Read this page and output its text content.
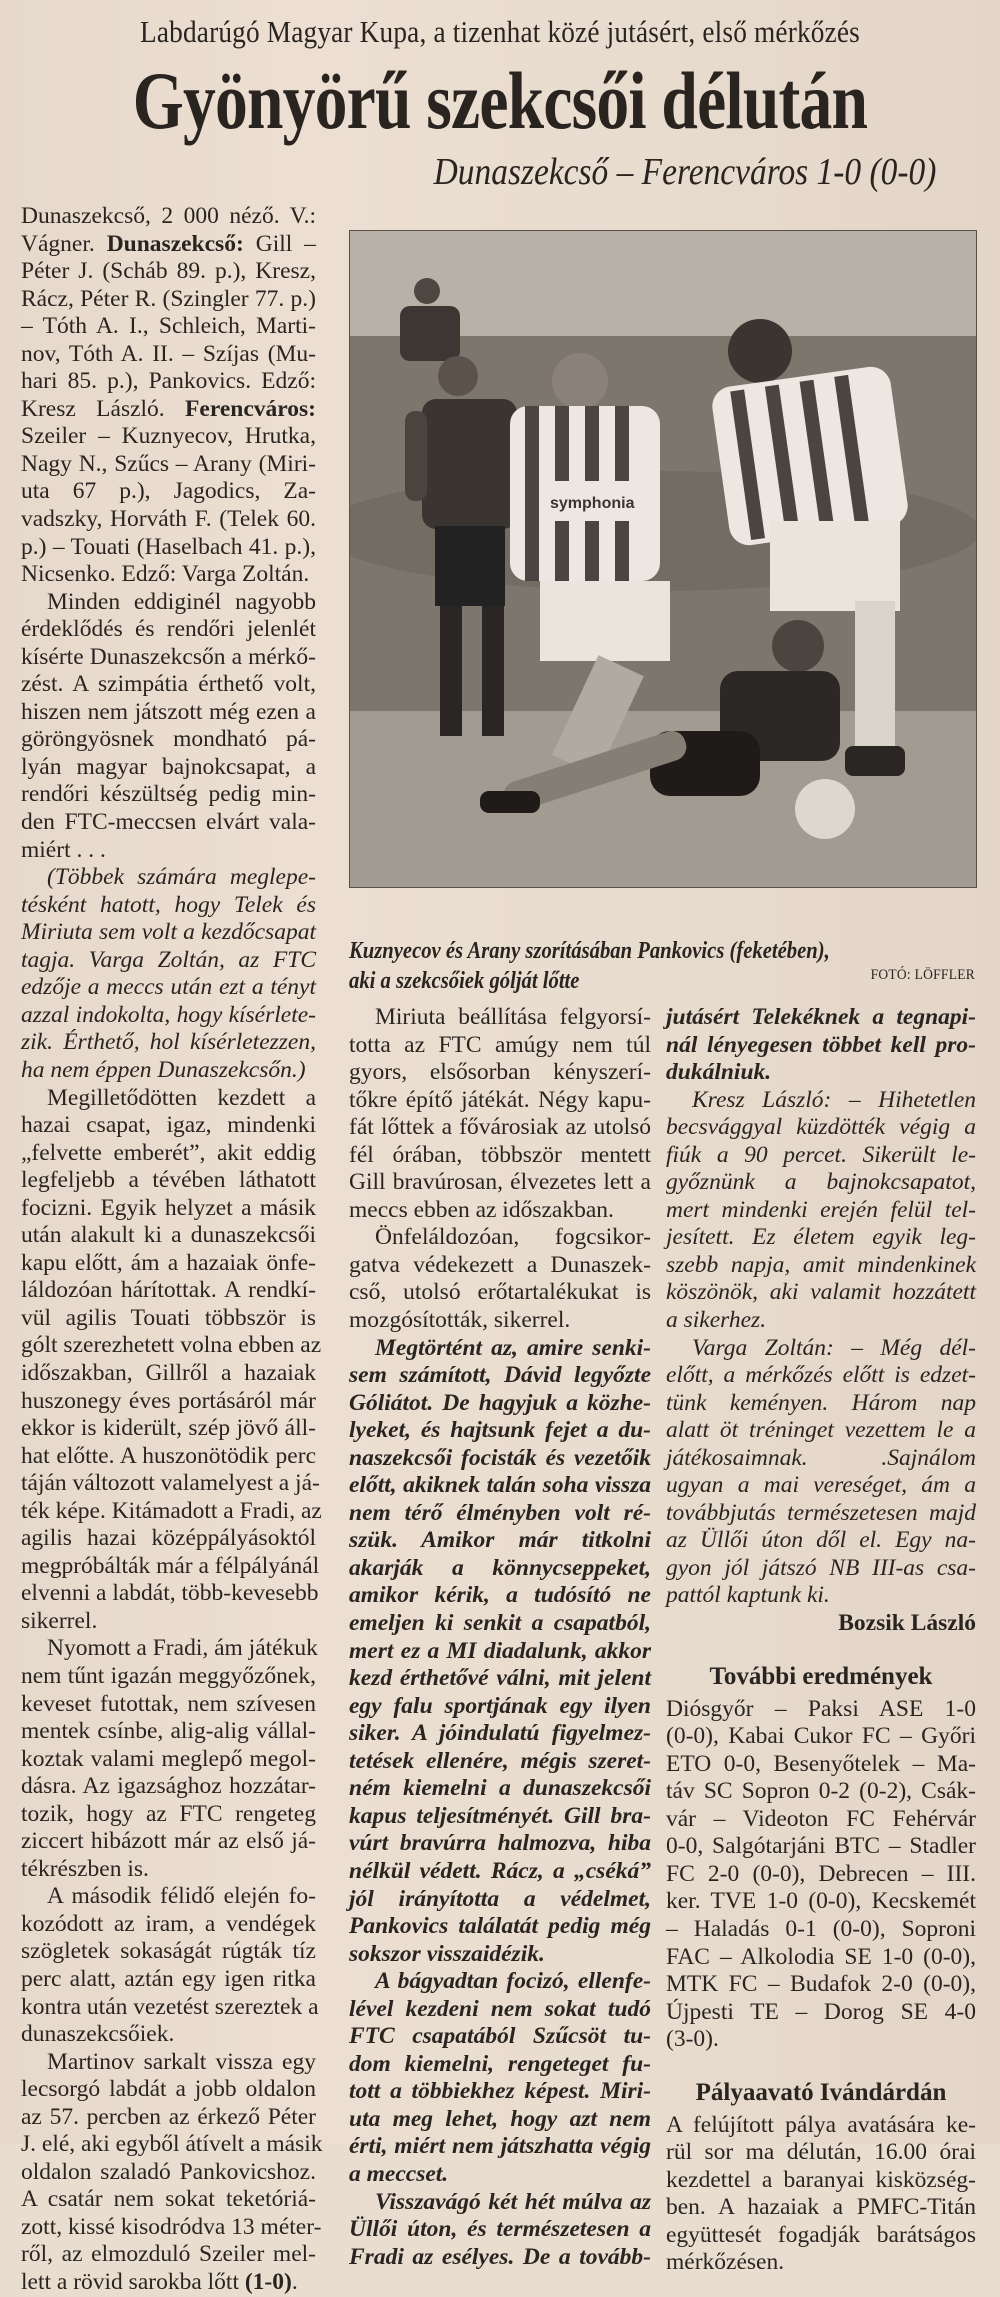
Labdarúgó Magyar Kupa, a tizenhat közé jutásért, első mérkőzés
Gyönyörű szekcsői délután
Dunaszekcső – Ferencváros 1-0 (0-0)
Dunaszekcső, 2 000 néző. V.:
Vágner. Dunaszekcső: Gill –
Péter J. (Scháb 89. p.), Kresz,
Rácz, Péter R. (Szingler 77. p.)
– Tóth A. I., Schleich, Marti-
nov, Tóth A. II. – Szíjas (Mu-
hari 85. p.), Pankovics. Edző:
Kresz László. Ferencváros:
Szeiler – Kuznyecov, Hrutka,
Nagy N., Szűcs – Arany (Miri-
uta 67 p.), Jagodics, Za-
vadszky, Horváth F. (Telek 60.
p.) – Touati (Haselbach 41. p.),
Nicsenko. Edző: Varga Zoltán.
Minden eddiginél nagyobb
érdeklődés és rendőri jelenlét
kísérte Dunaszekcsőn a mérkő-
zést. A szimpátia érthető volt,
hiszen nem játszott még ezen a
göröngyösnek mondható pá-
lyán magyar bajnokcsapat, a
rendőri készültség pedig min-
den FTC-meccsen elvárt vala-
miért . . .
(Többek számára meglepe-
tésként hatott, hogy Telek és
Miriuta sem volt a kezdőcsapat
tagja. Varga Zoltán, az FTC
edzője a meccs után ezt a tényt
azzal indokolta, hogy kísérlete-
zik. Érthető, hol kísérletezzen,
ha nem éppen Dunaszekcsőn.)
Megilletődötten kezdett a
hazai csapat, igaz, mindenki
„felvette emberét”, akit eddig
legfeljebb a tévében láthatott
focizni. Egyik helyzet a másik
után alakult ki a dunaszekcsői
kapu előtt, ám a hazaiak önfe-
láldozóan hárítottak. A rendkí-
vül agilis Touati többször is
gólt szerezhetett volna ebben az
időszakban, Gillről a hazaiak
huszonegy éves portásáról már
ekkor is kiderült, szép jövő áll-
hat előtte. A huszonötödik perc
táján változott valamelyest a já-
ték képe. Kitámadott a Fradi, az
agilis hazai középpályásoktól
megpróbálták már a félpályánál
elvenni a labdát, több-kevesebb
sikerrel.
Nyomott a Fradi, ám játékuk
nem tűnt igazán meggyőzőnek,
keveset futottak, nem szívesen
mentek csínbe, alig-alig vállal-
koztak valami meglepő megol-
dásra. Az igazsághoz hozzátar-
tozik, hogy az FTC rengeteg
ziccert hibázott már az első já-
tékrészben is.
A második félidő elején fo-
kozódott az iram, a vendégek
szögletek sokaságát rúgták tíz
perc alatt, aztán egy igen ritka
kontra után vezetést szereztek a
dunaszekcsőiek.
Martinov sarkalt vissza egy
lecsorgó labdát a jobb oldalon
az 57. percben az érkező Péter
J. elé, aki egyből átívelt a másik
oldalon szaladó Pankovicshoz.
A csatár nem sokat teketóriá-
zott, kissé kisodródva 13 méter-
ről, az elmozduló Szeiler mel-
lett a rövid sarokba lőtt (1-0).
symphonia
Kuznyecov és Arany szorításában Pankovics (feketében),
aki a szekcsőiek gólját lőtte	FOTÓ: LÖFFLER
Miriuta beállítása felgyorsí-
totta az FTC amúgy nem túl
gyors, elsősorban kényszerí-
tőkre építő játékát. Négy kapu-
fát lőttek a fővárosiak az utolsó
fél órában, többször mentett
Gill bravúrosan, élvezetes lett a
meccs ebben az időszakban.
Önfeláldozóan, fogcsikor-
gatva védekezett a Dunaszek-
cső, utolsó erőtartalékukat is
mozgósították, sikerrel.
Megtörtént az, amire senki-
sem számított, Dávid legyőzte
Góliátot. De hagyjuk a közhe-
lyeket, és hajtsunk fejet a du-
naszekcsői focisták és vezetőik
előtt, akiknek talán soha vissza
nem térő élményben volt ré-
szük. Amikor már titkolni
akarják a könnycseppeket,
amikor kérik, a tudósító ne
emeljen ki senkit a csapatból,
mert ez a MI diadalunk, akkor
kezd érthetővé válni, mit jelent
egy falu sportjának egy ilyen
siker. A jóindulatú figyelmez-
tetések ellenére, mégis szeret-
ném kiemelni a dunaszekcsői
kapus teljesítményét. Gill bra-
vúrt bravúrra halmozva, hiba
nélkül védett. Rácz, a „cséká”
jól irányította a védelmet,
Pankovics találatát pedig még
sokszor visszaidézik.
A bágyadtan focizó, ellenfe-
lével kezdeni nem sokat tudó
FTC csapatából Szűcsöt tu-
dom kiemelni, rengeteget fu-
tott a többiekhez képest. Miri-
uta meg lehet, hogy azt nem
érti, miért nem játszhatta végig
a meccset.
Visszavágó két hét múlva az
Üllői úton, és természetesen a
Fradi az esélyes. De a tovább-
jutásért Telekéknek a tegnapi-
nál lényegesen többet kell pro-
dukálniuk.
Kresz László: – Hihetetlen
becsvággyal küzdötték végig a
fiúk a 90 percet. Sikerült le-
győznünk a bajnokcsapatot,
mert mindenki erején felül tel-
jesített. Ez életem egyik leg-
szebb napja, amit mindenkinek
köszönök, aki valamit hozzátett
a sikerhez.
Varga Zoltán: – Még dél-
előtt, a mérkőzés előtt is edzet-
tünk keményen. Három nap
alatt öt tréninget vezettem le a
játékosaimnak. .Sajnálom
ugyan a mai vereséget, ám a
továbbjutás természetesen majd
az Üllői úton dől el. Egy na-
gyon jól játszó NB III-as csa-
pattól kaptunk ki.
Bozsik László
További eredmények
Diósgyőr – Paksi ASE 1-0
(0-0), Kabai Cukor FC – Győri
ETO 0-0, Besenyőtelek – Ma-
táv SC Sopron 0-2 (0-2), Csák-
vár – Videoton FC Fehérvár
0-0, Salgótarjáni BTC – Stadler
FC 2-0 (0-0), Debrecen – III.
ker. TVE 1-0 (0-0), Kecskemét
– Haladás 0-1 (0-0), Soproni
FAC – Alkolodia SE 1-0 (0-0),
MTK FC – Budafok 2-0 (0-0),
Újpesti TE – Dorog SE 4-0
(3-0).
Pályaavató Ivándárdán
A felújított pálya avatására ke-
rül sor ma délután, 16.00 órai
kezdettel a baranyai kisközség-
ben. A hazaiak a PMFC-Titán
együttesét fogadják barátságos
mérkőzésen.
